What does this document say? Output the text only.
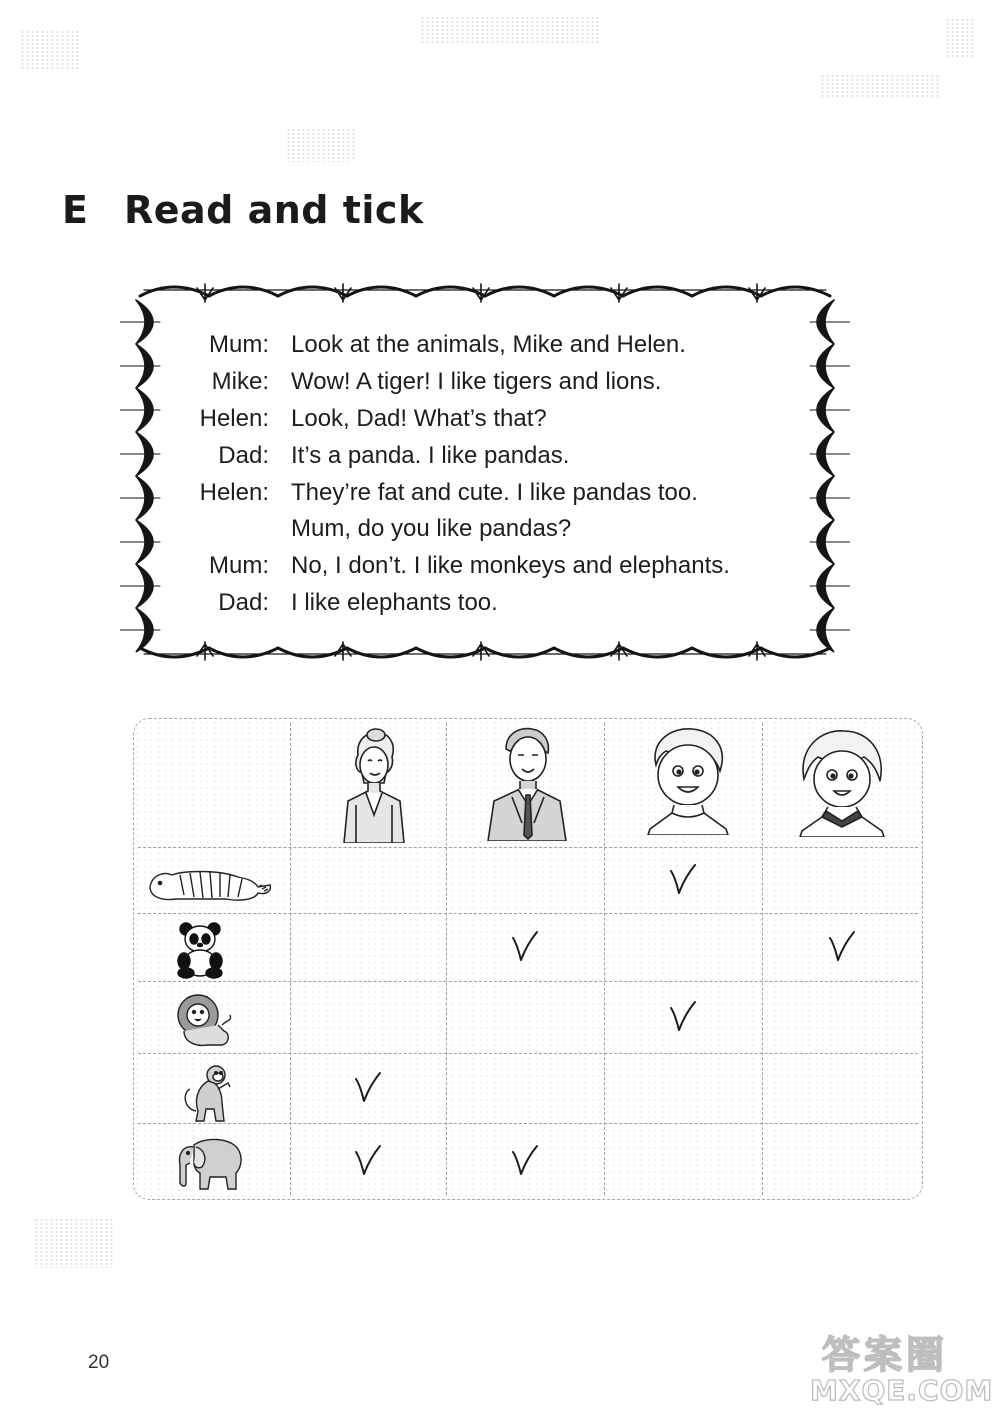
E Read and tick
Mum: Look at the animals, Mike and Helen.
Mike: Wow! A tiger! I like tigers and lions.
Helen: Look, Dad! What’s that?
Dad: It’s a panda. I like pandas.
Helen: They’re fat and cute. I like pandas too.
Mum, do you like pandas?
Mum: No, I don’t. I like monkeys and elephants.
Dad: I like elephants too.
20	答案圈
MXQE.COM
